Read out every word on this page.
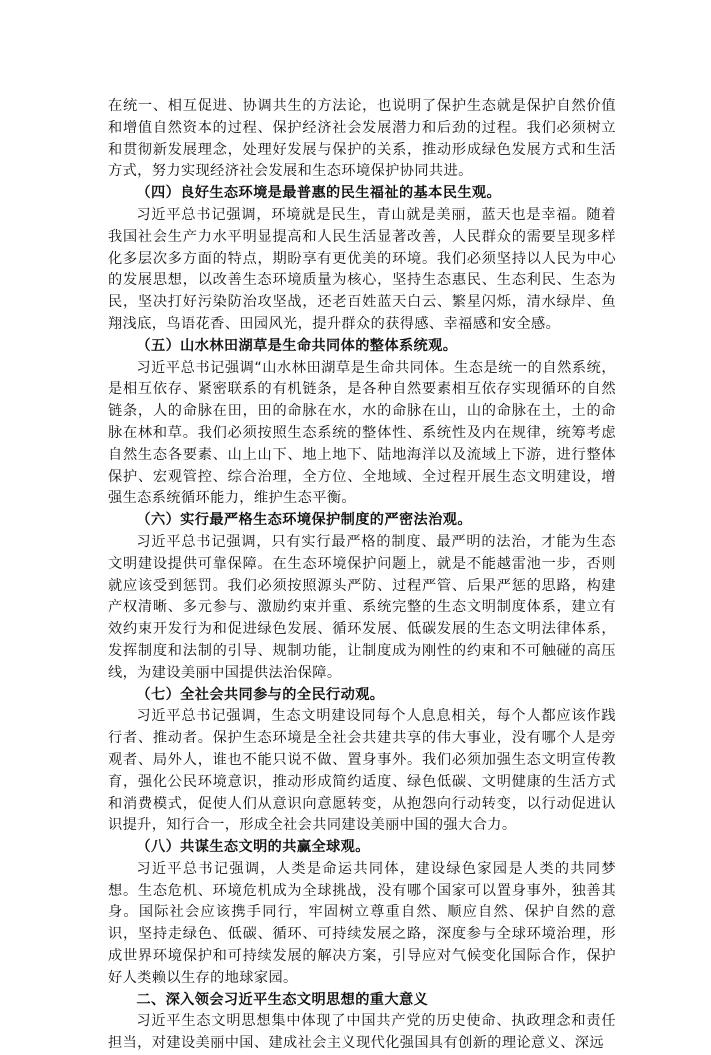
在统一、相互促进、协调共生的方法论，也说明了保护生态就是保护自然价值和增值自然资本的过程、保护经济社会发展潜力和后劲的过程。我们必须树立和贯彻新发展理念，处理好发展与保护的关系，推动形成绿色发展方式和生活方式，努力实现经济社会发展和生态环境保护协同共进。

（四）良好生态环境是最普惠的民生福祉的基本民生观。

习近平总书记强调，环境就是民生，青山就是美丽，蓝天也是幸福。随着我国社会生产力水平明显提高和人民生活显著改善，人民群众的需要呈现多样化多层次多方面的特点，期盼享有更优美的环境。我们必须坚持以人民为中心的发展思想，以改善生态环境质量为核心，坚持生态惠民、生态利民、生态为民，坚决打好污染防治攻坚战，还老百姓蓝天白云、繁星闪烁，清水绿岸、鱼翔浅底，鸟语花香、田园风光，提升群众的获得感、幸福感和安全感。

（五）山水林田湖草是生命共同体的整体系统观。

习近平总书记强调“山水林田湖草是生命共同体。生态是统一的自然系统，是相互依存、紧密联系的有机链条，是各种自然要素相互依存实现循环的自然链条，人的命脉在田，田的命脉在水，水的命脉在山，山的命脉在土，土的命脉在林和草。我们必须按照生态系统的整体性、系统性及内在规律，统筹考虑自然生态各要素、山上山下、地上地下、陆地海洋以及流域上下游，进行整体保护、宏观管控、综合治理，全方位、全地域、全过程开展生态文明建设，增强生态系统循环能力，维护生态平衡。

（六）实行最严格生态环境保护制度的严密法治观。

习近平总书记强调，只有实行最严格的制度、最严明的法治，才能为生态文明建设提供可靠保障。在生态环境保护问题上，就是不能越雷池一步，否则就应该受到惩罚。我们必须按照源头严防、过程严管、后果严惩的思路，构建产权清晰、多元参与、激励约束并重、系统完整的生态文明制度体系，建立有效约束开发行为和促进绿色发展、循环发展、低碳发展的生态文明法律体系，发挥制度和法制的引导、规制功能，让制度成为刚性的约束和不可触碰的高压线，为建设美丽中国提供法治保障。

（七）全社会共同参与的全民行动观。

习近平总书记强调，生态文明建设同每个人息息相关，每个人都应该作践行者、推动者。保护生态环境是全社会共建共享的伟大事业，没有哪个人是旁观者、局外人，谁也不能只说不做、置身事外。我们必须加强生态文明宣传教育，强化公民环境意识，推动形成简约适度、绿色低碳、文明健康的生活方式和消费模式，促使人们从意识向意愿转变，从抱怨向行动转变，以行动促进认识提升，知行合一，形成全社会共同建设美丽中国的强大合力。

（八）共谋生态文明的共赢全球观。

习近平总书记强调，人类是命运共同体，建设绿色家园是人类的共同梦想。生态危机、环境危机成为全球挑战，没有哪个国家可以置身事外，独善其身。国际社会应该携手同行，牢固树立尊重自然、顺应自然、保护自然的意识，坚持走绿色、低碳、循环、可持续发展之路，深度参与全球环境治理，形成世界环境保护和可持续发展的解决方案，引导应对气候变化国际合作，保护好人类赖以生存的地球家园。

二、深入领会习近平生态文明思想的重大意义

习近平生态文明思想集中体现了中国共产党的历史使命、执政理念和责任担当，对建设美丽中国、建成社会主义现代化强国具有创新的理论意义、深远
